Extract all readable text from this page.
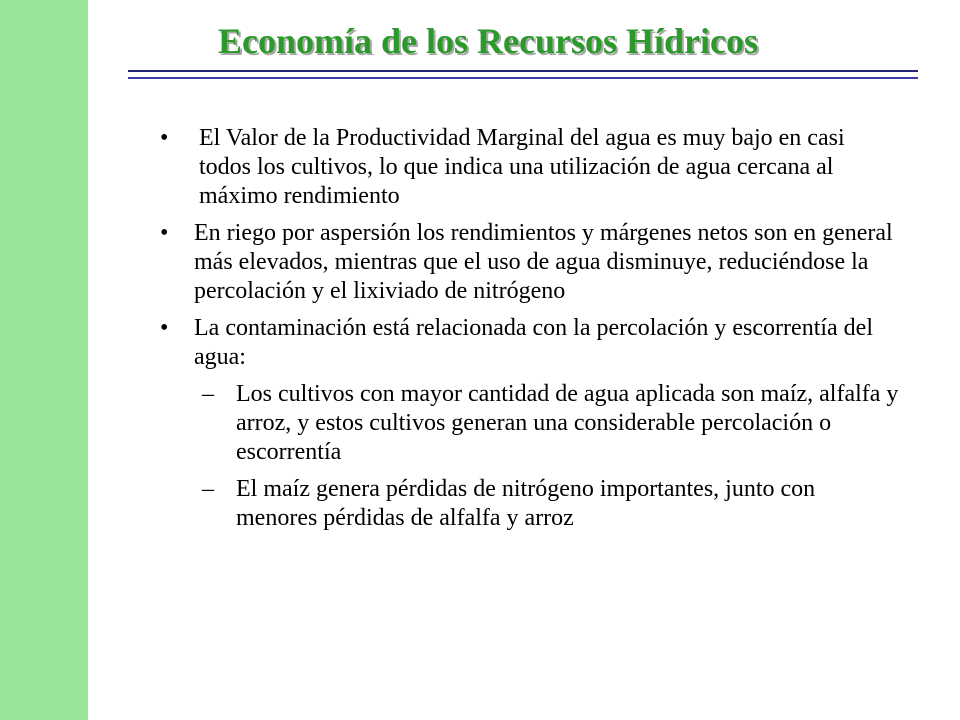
Economía de los Recursos Hídricos
• El Valor de la Productividad Marginal del agua es muy bajo en casi todos los cultivos, lo que indica una utilización de agua cercana al máximo rendimiento
• En riego por aspersión los rendimientos y márgenes netos son en general más elevados, mientras que el uso de agua disminuye, reduciéndose la percolación y el lixiviado de nitrógeno
• La contaminación está relacionada con la percolación y escorrentía del agua:
– Los cultivos con mayor cantidad de agua aplicada son maíz, alfalfa y arroz, y estos cultivos generan una considerable percolación o escorrentía
– El maíz genera pérdidas de nitrógeno importantes, junto con menores pérdidas de alfalfa y arroz
